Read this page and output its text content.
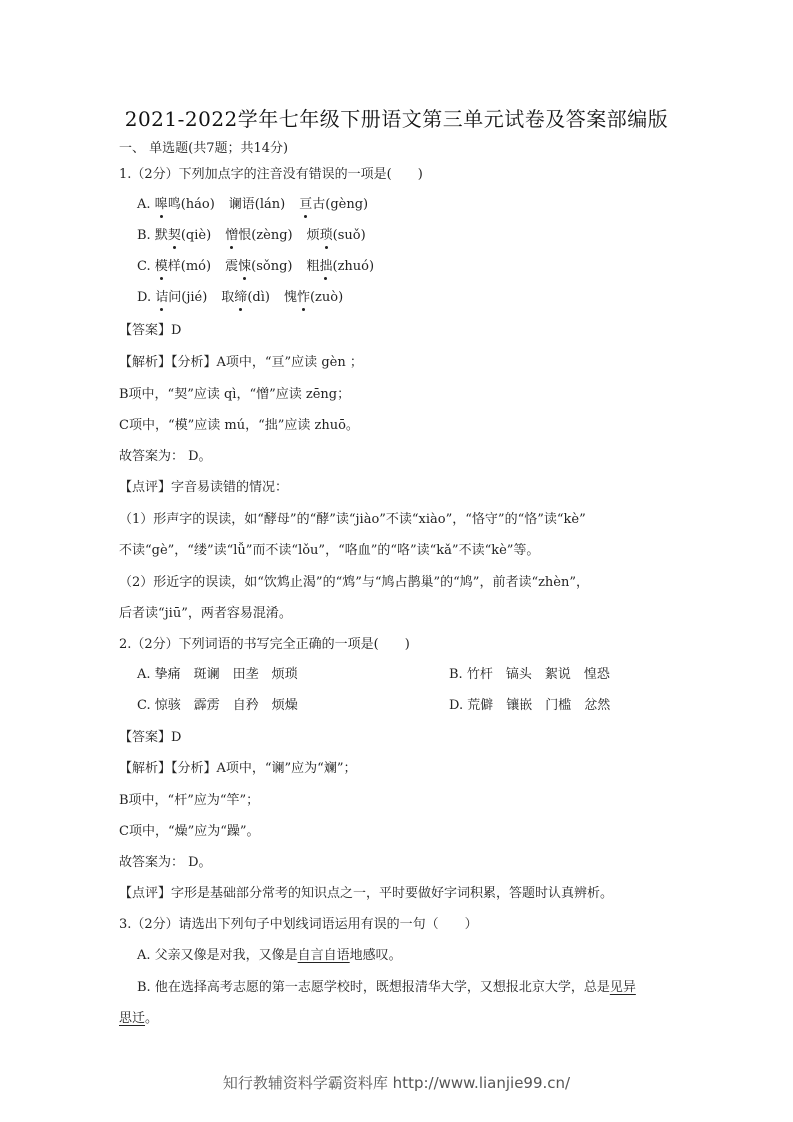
2021-2022学年七年级下册语文第三单元试卷及答案部编版
一、 单选题(共7题；共14分)
1.（2分）下列加点字的注音没有错误的一项是(　　)
A. 嗥鸣(háo) 谰语(lán) 亘古(gèng)
B. 默契(qiè) 憎恨(zèng) 烦琐(suǒ)
C. 模样(mó) 震悚(sǒng) 粗拙(zhuó)
D. 诘问(jié) 取缔(dì) 愧怍(zuò)
【答案】D
【解析】【分析】A项中，“亘”应读 gèn ；
B项中，“契”应读 qì，“憎”应读 zēng；
C项中，“模”应读 mú，“拙”应读 zhuō。
故答案为： D。
【点评】字音易读错的情况：
（1）形声字的误读，如“酵母”的“酵”读“jiào”不读“xiào”，“恪守”的“恪”读“kè”
不读“gè”，“缕”读“lǚ”而不读“lǒu”，“咯血”的“咯”读“kǎ”不读“kè”等。
（2）形近字的误读，如“饮鸩止渴”的“鸩”与“鸠占鹊巢”的“鸠”，前者读“zhèn”，
后者读“jiū”，两者容易混淆。
2.（2分）下列词语的书写完全正确的一项是(　　)
A. 挚痛　斑谰　田垄　烦琐	B. 竹杆　镐头　絮说　惶恐
C. 惊骇　霹雳　自矜　烦燥	D. 荒僻　镶嵌　门槛　忿然
【答案】D
【解析】【分析】A项中，“谰”应为“斓”；
B项中，“杆”应为“竿”；
C项中，“燥”应为“躁”。
故答案为： D。
【点评】字形是基础部分常考的知识点之一，平时要做好字词积累，答题时认真辨析。
3.（2分）请选出下列句子中划线词语运用有误的一句（　　）
A. 父亲又像是对我，又像是自言自语地感叹。
B. 他在选择高考志愿的第一志愿学校时，既想报清华大学，又想报北京大学，总是见异
思迁。
知行教辅资料学霸资料库 http://www.lianjie99.cn/
